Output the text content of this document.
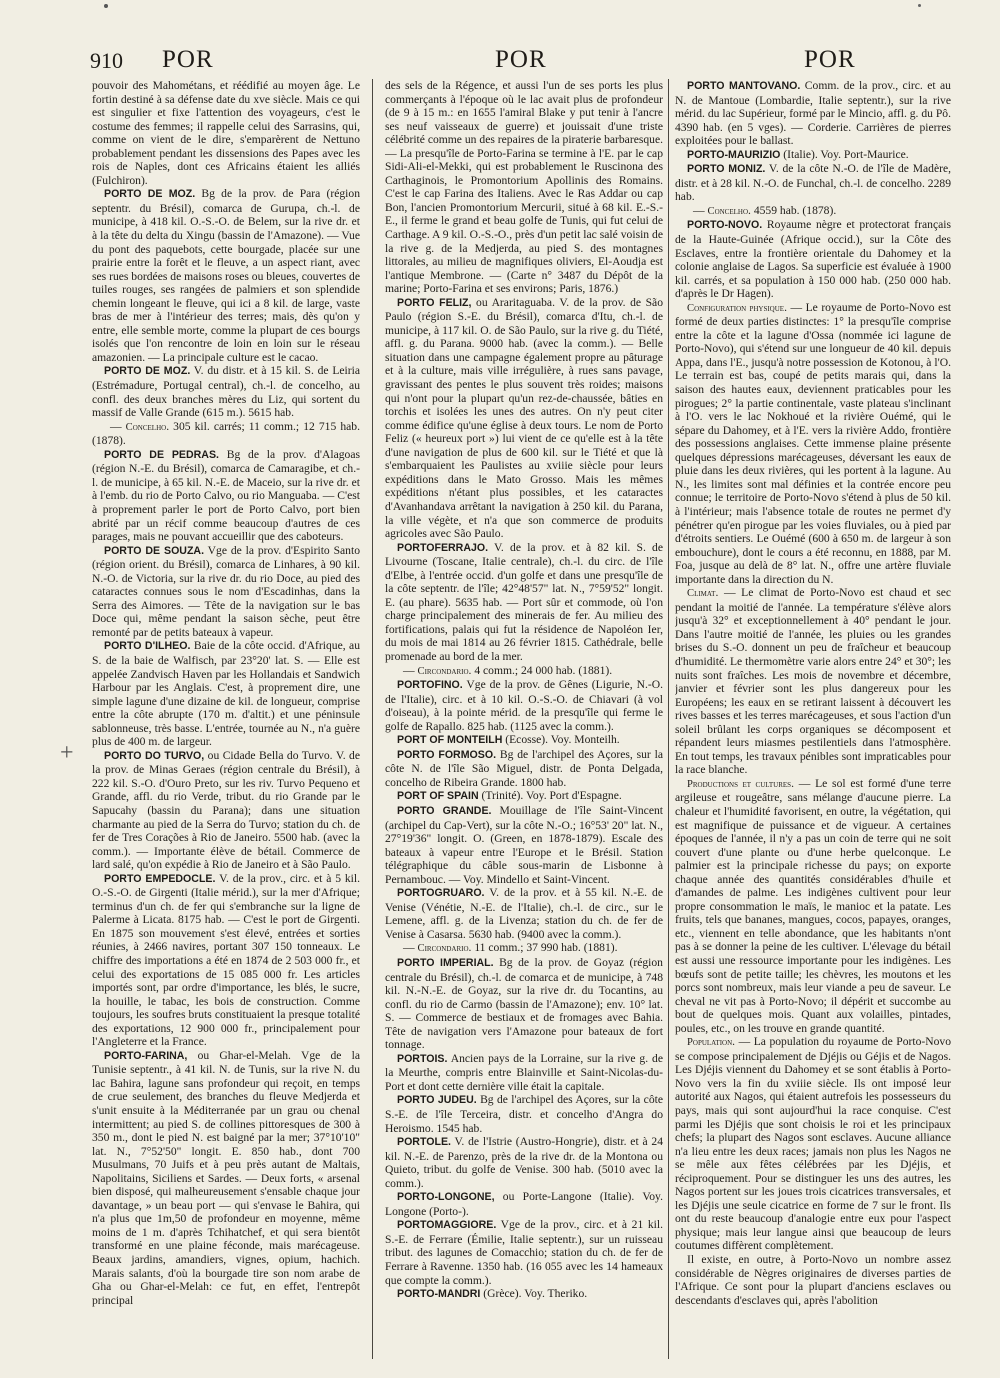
910 POR	POR	POR
+

pouvoir des Mahométans, et réédifié au moyen âge. Le fortin destiné à sa défense date du xve siècle. Mais ce qui est singulier et fixe l'attention des voyageurs, c'est le costume des femmes; il rappelle celui des Sarrasins, qui, comme on vient de le dire, s'emparèrent de Nettuno probablement pendant les dissensions des Papes avec les rois de Naples, dont ces Africains étaient les alliés (Fulchiron).

PORTO DE MOZ. Bg de la prov. de Para (région septentr. du Brésil), comarca de Gurupa, ch.-l. de municipe, à 418 kil. O.-S.-O. de Belem, sur la rive dr. et à la tête du delta du Xingu (bassin de l'Amazone). — Vue du pont des paquebots, cette bourgade, placée sur une prairie entre la forêt et le fleuve, a un aspect riant, avec ses rues bordées de maisons roses ou bleues, couvertes de tuiles rouges, ses rangées de palmiers et son splendide chemin longeant le fleuve, qui ici a 8 kil. de large, vaste bras de mer à l'intérieur des terres; mais, dès qu'on y entre, elle semble morte, comme la plupart de ces bourgs isolés que l'on rencontre de loin en loin sur le réseau amazonien. — La principale culture est le cacao.

PORTO DE MOZ. V. du distr. et à 15 kil. S. de Leiria (Estrémadure, Portugal central), ch.-l. de concelho, au confl. des deux branches mères du Liz, qui sortent du massif de Valle Grande (615 m.). 5615 hab.

— Concelho. 305 kil. carrés; 11 comm.; 12 715 hab. (1878).

PORTO DE PEDRAS. Bg de la prov. d'Alagoas (région N.-E. du Brésil), comarca de Camaragibe, et ch.-l. de municipe, à 65 kil. N.-E. de Maceio, sur la rive dr. et à l'emb. du rio de Porto Calvo, ou rio Manguaba. — C'est à proprement parler le port de Porto Calvo, port bien abrité par un récif comme beaucoup d'autres de ces parages, mais ne pouvant accueillir que des caboteurs.

PORTO DE SOUZA. Vge de la prov. d'Espirito Santo (région orient. du Brésil), comarca de Linhares, à 90 kil. N.-O. de Victoria, sur la rive dr. du rio Doce, au pied des cataractes connues sous le nom d'Escadinhas, dans la Serra des Aimores. — Tête de la navigation sur le bas Doce qui, même pendant la saison sèche, peut être remonté par de petits bateaux à vapeur.

PORTO D'ILHEO. Baie de la côte occid. d'Afrique, au S. de la baie de Walfisch, par 23°20' lat. S. — Elle est appelée Zandvisch Haven par les Hollandais et Sandwich Harbour par les Anglais. C'est, à proprement dire, une simple lagune d'une dizaine de kil. de longueur, comprise entre la côte abrupte (170 m. d'altit.) et une péninsule sablonneuse, très basse. L'entrée, tournée au N., n'a guère plus de 400 m. de largeur.

PORTO DO TURVO, ou Cidade Bella do Turvo. V. de la prov. de Minas Geraes (région centrale du Brésil), à 222 kil. S.-O. d'Ouro Preto, sur les riv. Turvo Pequeno et Grande, affl. du rio Verde, tribut. du rio Grande par le Sapucahy (bassin du Parana); dans une situation charmante au pied de la Serra do Turvo; station du ch. de fer de Tres Corações à Rio de Janeiro. 5500 hab. (avec la comm.). — Importante élève de bétail. Commerce de lard salé, qu'on expédie à Rio de Janeiro et à São Paulo.

PORTO EMPEDOCLE. V. de la prov., circ. et à 5 kil. O.-S.-O. de Girgenti (Italie mérid.), sur la mer d'Afrique; terminus d'un ch. de fer qui s'embranche sur la ligne de Palerme à Licata. 8175 hab. — C'est le port de Girgenti. En 1875 son mouvement s'est élevé, entrées et sorties réunies, à 2466 navires, portant 307 150 tonneaux. Le chiffre des importations a été en 1874 de 2 503 000 fr., et celui des exportations de 15 085 000 fr. Les articles importés sont, par ordre d'importance, les blés, le sucre, la houille, le tabac, les bois de construction. Comme toujours, les soufres bruts constituaient la presque totalité des exportations, 12 900 000 fr., principalement pour l'Angleterre et la France.

PORTO-FARINA, ou Ghar-el-Melah. Vge de la Tunisie septentr., à 41 kil. N. de Tunis, sur la rive N. du lac Bahira, lagune sans profondeur qui reçoit, en temps de crue seulement, des branches du fleuve Medjerda et s'unit ensuite à la Méditerranée par un grau ou chenal intermittent; au pied S. de collines pittoresques de 300 à 350 m., dont le pied N. est baigné par la mer; 37°10'10" lat. N., 7°52'50" longit. E. 850 hab., dont 700 Musulmans, 70 Juifs et à peu près autant de Maltais, Napolitains, Siciliens et Sardes. — Deux forts, « arsenal bien disposé, qui malheureusement s'ensable chaque jour davantage, » un beau port — qui s'envase le Bahira, qui n'a plus que 1m,50 de profondeur en moyenne, même moins de 1 m. d'après Tchihatchef, et qui sera bientôt transformé en une plaine féconde, mais marécageuse. Beaux jardins, amandiers, vignes, opium, hachich. Marais salants, d'où la bourgade tire son nom arabe de Gha ou Ghar-el-Melah: ce fut, en effet, l'entrepôt principal

des sels de la Régence, et aussi l'un de ses ports les plus commerçants à l'époque où le lac avait plus de profondeur (de 9 à 15 m.: en 1655 l'amiral Blake y put tenir à l'ancre ses neuf vaisseaux de guerre) et jouissait d'une triste célébrité comme un des repaires de la piraterie barbaresque. — La presqu'île de Porto-Farina se termine à l'E. par le cap Sidi-Ali-el-Mekki, qui est probablement le Ruscinona des Carthaginois, le Promontorium Apollinis des Romains. C'est le cap Farina des Italiens. Avec le Ras Addar ou cap Bon, l'ancien Promontorium Mercurii, situé à 68 kil. E.-S.-E., il ferme le grand et beau golfe de Tunis, qui fut celui de Carthage. A 9 kil. O.-S.-O., près d'un petit lac salé voisin de la rive g. de la Medjerda, au pied S. des montagnes littorales, au milieu de magnifiques oliviers, El-Aoudja est l'antique Membrone. — (Carte n° 3487 du Dépôt de la marine; Porto-Farina et ses environs; Paris, 1876.)

PORTO FELIZ, ou Araritaguaba. V. de la prov. de São Paulo (région S.-E. du Brésil), comarca d'Itu, ch.-l. de municipe, à 117 kil. O. de São Paulo, sur la rive g. du Tiété, affl. g. du Parana. 9000 hab. (avec la comm.). — Belle situation dans une campagne également propre au pâturage et à la culture, mais ville irrégulière, à rues sans pavage, gravissant des pentes le plus souvent très roides; maisons qui n'ont pour la plupart qu'un rez-de-chaussée, bâties en torchis et isolées les unes des autres. On n'y peut citer comme édifice qu'une église à deux tours. Le nom de Porto Feliz (« heureux port ») lui vient de ce qu'elle est à la tête d'une navigation de plus de 600 kil. sur le Tiété et que là s'embarquaient les Paulistes au xviiie siècle pour leurs expéditions dans le Mato Grosso. Mais les mêmes expéditions n'étant plus possibles, et les cataractes d'Avanhandava arrêtant la navigation à 250 kil. du Parana, la ville végète, et n'a que son commerce de produits agricoles avec São Paulo.

PORTOFERRAJO. V. de la prov. et à 82 kil. S. de Livourne (Toscane, Italie centrale), ch.-l. du circ. de l'île d'Elbe, à l'entrée occid. d'un golfe et dans une presqu'île de la côte septentr. de l'île; 42°48'57" lat. N., 7°59'52" longit. E. (au phare). 5635 hab. — Port sûr et commode, où l'on charge principalement des minerais de fer. Au milieu des fortifications, palais qui fut la résidence de Napoléon Ier, du mois de mai 1814 au 26 février 1815. Cathédrale, belle promenade au bord de la mer.

— Circondario. 4 comm.; 24 000 hab. (1881).

PORTOFINO. Vge de la prov. de Gênes (Ligurie, N.-O. de l'Italie), circ. et à 10 kil. O.-S.-O. de Chiavari (à vol d'oiseau), à la pointe mérid. de la presqu'île qui ferme le golfe de Rapallo. 825 hab. (1125 avec la comm.).

PORT OF MONTEILH (Ecosse). Voy. Monteilh.

PORTO FORMOSO. Bg de l'archipel des Açores, sur la côte N. de l'île São Miguel, distr. de Ponta Delgada, concelho de Ribeira Grande. 1800 hab.

PORT OF SPAIN (Trinité). Voy. Port d'Espagne.

PORTO GRANDE. Mouillage de l'île Saint-Vincent (archipel du Cap-Vert), sur la côte N.-O.; 16°53' 20" lat. N., 27°19'36" longit. O. (Green, en 1878-1879). Escale des bateaux à vapeur entre l'Europe et le Brésil. Station télégraphique du câble sous-marin de Lisbonne à Pernambouc. — Voy. Mindello et Saint-Vincent.

PORTOGRUARO. V. de la prov. et à 55 kil. N.-E. de Venise (Vénétie, N.-E. de l'Italie), ch.-l. de circ., sur le Lemene, affl. g. de la Livenza; station du ch. de fer de Venise à Casarsa. 5630 hab. (9400 avec la comm.).

— Circondario. 11 comm.; 37 990 hab. (1881).

PORTO IMPERIAL. Bg de la prov. de Goyaz (région centrale du Brésil), ch.-l. de comarca et de municipe, à 748 kil. N.-N.-E. de Goyaz, sur la rive dr. du Tocantins, au confl. du rio de Carmo (bassin de l'Amazone); env. 10° lat. S. — Commerce de bestiaux et de fromages avec Bahia. Tête de navigation vers l'Amazone pour bateaux de fort tonnage.

PORTOIS. Ancien pays de la Lorraine, sur la rive g. de la Meurthe, compris entre Blainville et Saint-Nicolas-du-Port et dont cette dernière ville était la capitale.

PORTO JUDEU. Bg de l'archipel des Açores, sur la côte S.-E. de l'île Terceira, distr. et concelho d'Angra do Heroismo. 1545 hab.

PORTOLE. V. de l'Istrie (Austro-Hongrie), distr. et à 24 kil. N.-E. de Parenzo, près de la rive dr. de la Montona ou Quieto, tribut. du golfe de Venise. 300 hab. (5010 avec la comm.).

PORTO-LONGONE, ou Porte-Langone (Italie). Voy. Longone (Porto-).

PORTOMAGGIORE. Vge de la prov., circ. et à 21 kil. S.-E. de Ferrare (Émilie, Italie septentr.), sur un ruisseau tribut. des lagunes de Comacchio; station du ch. de fer de Ferrare à Ravenne. 1350 hab. (16 055 avec les 14 hameaux que compte la comm.).

PORTO-MANDRI (Grèce). Voy. Theriko.

PORTO MANTOVANO. Comm. de la prov., circ. et au N. de Mantoue (Lombardie, Italie septentr.), sur la rive mérid. du lac Supérieur, formé par le Mincio, affl. g. du Pô. 4390 hab. (en 5 vges). — Corderie. Carrières de pierres exploitées pour le ballast.

PORTO-MAURIZIO (Italie). Voy. Port-Maurice.

PORTO MONIZ. V. de la côte N.-O. de l'île de Madère, distr. et à 28 kil. N.-O. de Funchal, ch.-l. de concelho. 2289 hab.

— Concelho. 4559 hab. (1878).

PORTO-NOVO. Royaume nègre et protectorat français de la Haute-Guinée (Afrique occid.), sur la Côte des Esclaves, entre la frontière orientale du Dahomey et la colonie anglaise de Lagos. Sa superficie est évaluée à 1900 kil. carrés, et sa population à 150 000 hab. (250 000 hab. d'après le Dr Hagen).

Configuration physique. — Le royaume de Porto-Novo est formé de deux parties distinctes: 1° la presqu'île comprise entre la côte et la lagune d'Ossa (nommée ici lagune de Porto-Novo), qui s'étend sur une longueur de 40 kil. depuis Appa, dans l'E., jusqu'à notre possession de Kotonou, à l'O. Le terrain est bas, coupé de petits marais qui, dans la saison des hautes eaux, deviennent praticables pour les pirogues; 2° la partie continentale, vaste plateau s'inclinant à l'O. vers le lac Nokhoué et la rivière Ouémé, qui le sépare du Dahomey, et à l'E. vers la rivière Addo, frontière des possessions anglaises. Cette immense plaine présente quelques dépressions marécageuses, déversant les eaux de pluie dans les deux rivières, qui les portent à la lagune. Au N., les limites sont mal définies et la contrée encore peu connue; le territoire de Porto-Novo s'étend à plus de 50 kil. à l'intérieur; mais l'absence totale de routes ne permet d'y pénétrer qu'en pirogue par les voies fluviales, ou à pied par d'étroits sentiers. Le Ouémé (600 à 650 m. de largeur à son embouchure), dont le cours a été reconnu, en 1888, par M. Foa, jusque au delà de 8° lat. N., offre une artère fluviale importante dans la direction du N.

Climat. — Le climat de Porto-Novo est chaud et sec pendant la moitié de l'année. La température s'élève alors jusqu'à 32° et exceptionnellement à 40° pendant le jour. Dans l'autre moitié de l'année, les pluies ou les grandes brises du S.-O. donnent un peu de fraîcheur et beaucoup d'humidité. Le thermomètre varie alors entre 24° et 30°; les nuits sont fraîches. Les mois de novembre et décembre, janvier et février sont les plus dangereux pour les Européens; les eaux en se retirant laissent à découvert les rives basses et les terres marécageuses, et sous l'action d'un soleil brûlant les corps organiques se décomposent et répandent leurs miasmes pestilentiels dans l'atmosphère. En tout temps, les travaux pénibles sont impraticables pour la race blanche.

Productions et cultures. — Le sol est formé d'une terre argileuse et rougeâtre, sans mélange d'aucune pierre. La chaleur et l'humidité favorisent, en outre, la végétation, qui est magnifique de puissance et de vigueur. A certaines époques de l'année, il n'y a pas un coin de terre qui ne soit couvert d'une plante ou d'une herbe quelconque. Le palmier est la principale richesse du pays; on exporte chaque année des quantités considérables d'huile et d'amandes de palme. Les indigènes cultivent pour leur propre consommation le maïs, le manioc et la patate. Les fruits, tels que bananes, mangues, cocos, papayes, oranges, etc., viennent en telle abondance, que les habitants n'ont pas à se donner la peine de les cultiver. L'élevage du bétail est aussi une ressource importante pour les indigènes. Les bœufs sont de petite taille; les chèvres, les moutons et les porcs sont nombreux, mais leur viande a peu de saveur. Le cheval ne vit pas à Porto-Novo; il dépérit et succombe au bout de quelques mois. Quant aux volailles, pintades, poules, etc., on les trouve en grande quantité.

Population. — La population du royaume de Porto-Novo se compose principalement de Djéjis ou Géjis et de Nagos. Les Djéjis viennent du Dahomey et se sont établis à Porto-Novo vers la fin du xviiie siècle. Ils ont imposé leur autorité aux Nagos, qui étaient autrefois les possesseurs du pays, mais qui sont aujourd'hui la race conquise. C'est parmi les Djéjis que sont choisis le roi et les principaux chefs; la plupart des Nagos sont esclaves. Aucune alliance n'a lieu entre les deux races; jamais non plus les Nagos ne se mêle aux fêtes célébrées par les Djéjis, et réciproquement. Pour se distinguer les uns des autres, les Nagos portent sur les joues trois cicatrices transversales, et les Djéjis une seule cicatrice en forme de 7 sur le front. Ils ont du reste beaucoup d'analogie entre eux pour l'aspect physique; mais leur langue ainsi que beaucoup de leurs coutumes diffèrent complètement.

Il existe, en outre, à Porto-Novo un nombre assez considérable de Nègres originaires de diverses parties de l'Afrique. Ce sont pour la plupart d'anciens esclaves ou descendants d'esclaves qui, après l'abolition
